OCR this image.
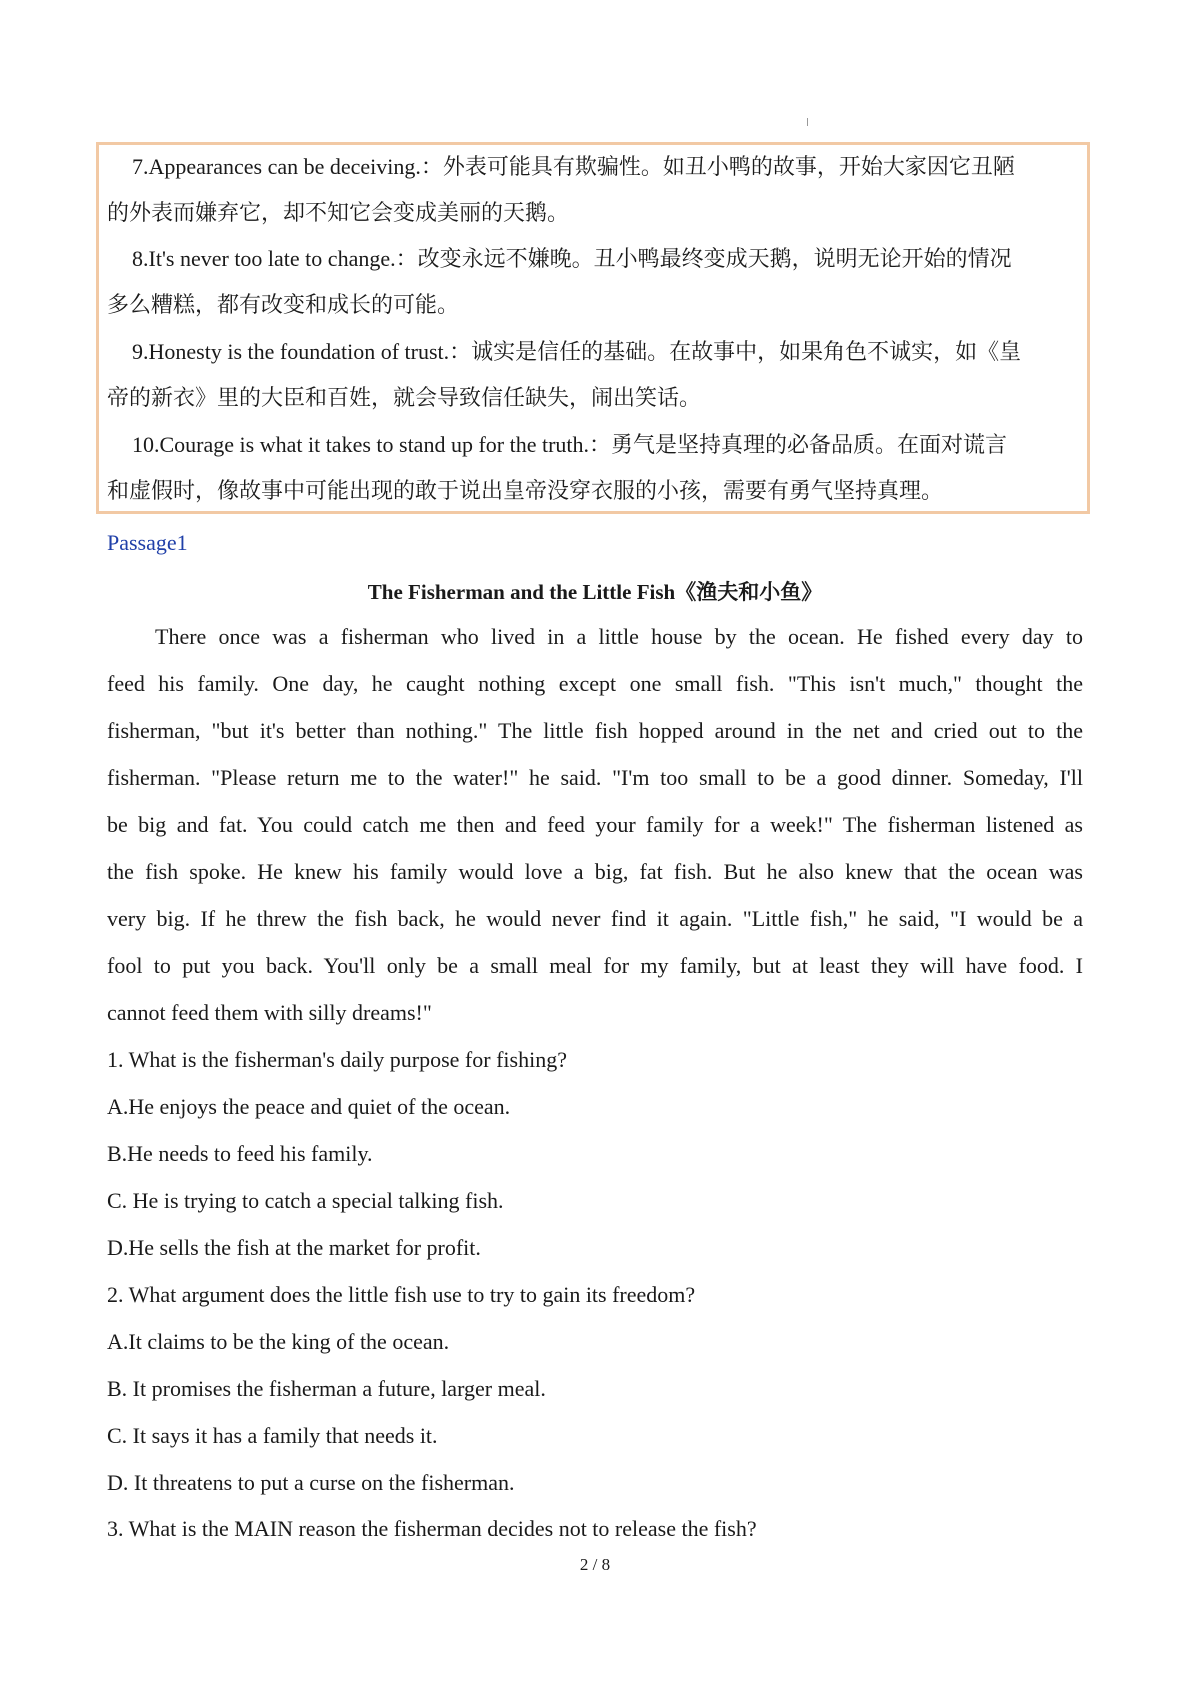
7.Appearances can be deceiving.：外表可能具有欺骗性。如丑小鸭的故事，开始大家因它丑陋
的外表而嫌弃它，却不知它会变成美丽的天鹅。
8.It's never too late to change.：改变永远不嫌晚。丑小鸭最终变成天鹅，说明无论开始的情况
多么糟糕，都有改变和成长的可能。
9.Honesty is the foundation of trust.：诚实是信任的基础。在故事中，如果角色不诚实，如《皇
帝的新衣》里的大臣和百姓，就会导致信任缺失，闹出笑话。
10.Courage is what it takes to stand up for the truth.：勇气是坚持真理的必备品质。在面对谎言
和虚假时，像故事中可能出现的敢于说出皇帝没穿衣服的小孩，需要有勇气坚持真理。
Passage1
The Fisherman and the Little Fish《渔夫和小鱼》
There once was a fisherman who lived in a little house by the ocean. He fished every day to
feed his family. One day, he caught nothing except one small fish. "This isn't much," thought the
fisherman, "but it's better than nothing." The little fish hopped around in the net and cried out to the
fisherman. "Please return me to the water!" he said. "I'm too small to be a good dinner. Someday, I'll
be big and fat. You could catch me then and feed your family for a week!" The fisherman listened as
the fish spoke. He knew his family would love a big, fat fish. But he also knew that the ocean was
very big. If he threw the fish back, he would never find it again. "Little fish," he said, "I would be a
fool to put you back. You'll only be a small meal for my family, but at least they will have food. I
cannot feed them with silly dreams!"
1. What is the fisherman's daily purpose for fishing?
A.He enjoys the peace and quiet of the ocean.
B.He needs to feed his family.
C. He is trying to catch a special talking fish.
D.He sells the fish at the market for profit.
2. What argument does the little fish use to try to gain its freedom?
A.It claims to be the king of the ocean.
B. It promises the fisherman a future, larger meal.
C. It says it has a family that needs it.
D. It threatens to put a curse on the fisherman.
3. What is the MAIN reason the fisherman decides not to release the fish?
2 / 8
